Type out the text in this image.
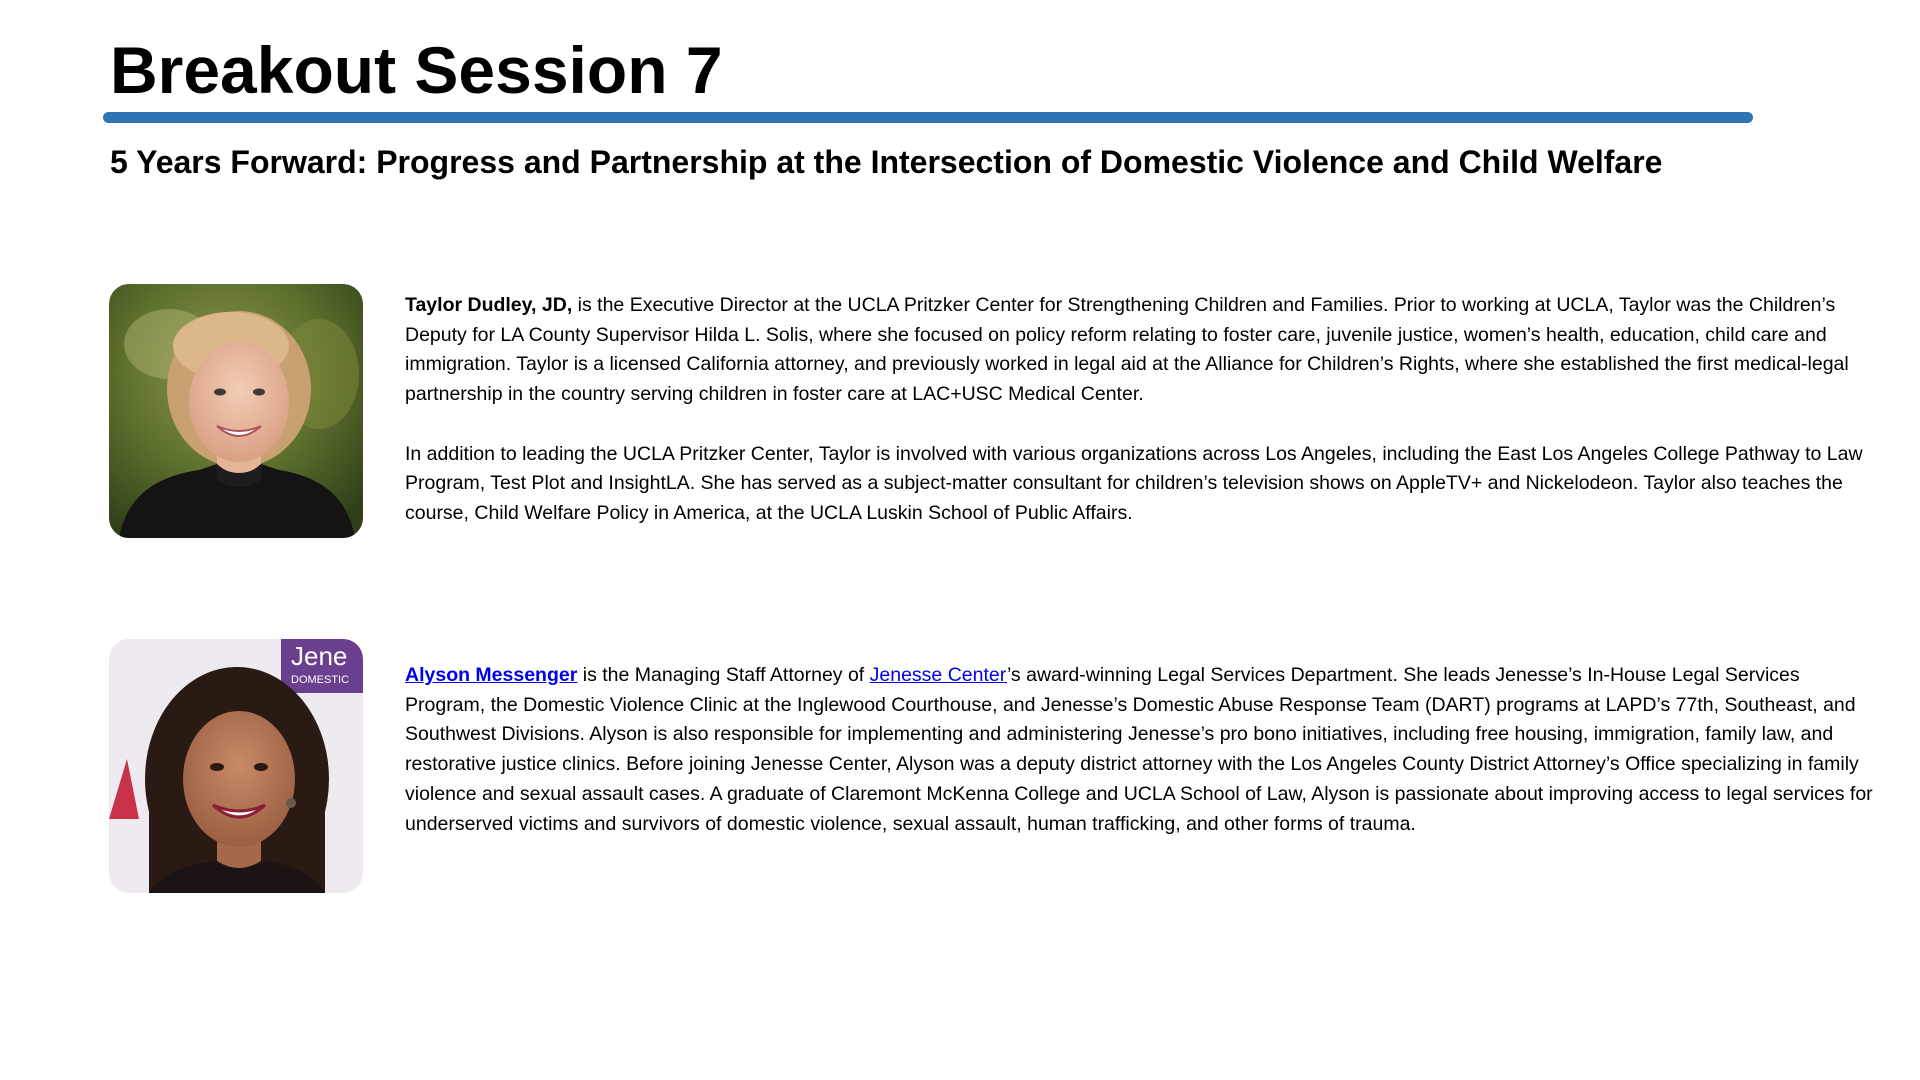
Breakout Session 7
5 Years Forward: Progress and Partnership at the Intersection of Domestic Violence and Child Welfare

Taylor Dudley, JD, is the Executive Director at the UCLA Pritzker Center for Strengthening Children and Families. Prior to working at UCLA, Taylor was the Children’s Deputy for LA County Supervisor Hilda L. Solis, where she focused on policy reform relating to foster care, juvenile justice, women’s health, education, child care and immigration. Taylor is a licensed California attorney, and previously worked in legal aid at the Alliance for Children’s Rights, where she established the first medical-legal partnership in the country serving children in foster care at LAC+USC Medical Center.

In addition to leading the UCLA Pritzker Center, Taylor is involved with various organizations across Los Angeles, including the East Los Angeles College Pathway to Law Program, Test Plot and InsightLA. She has served as a subject-matter consultant for children’s television shows on AppleTV+ and Nickelodeon. Taylor also teaches the course, Child Welfare Policy in America, at the UCLA Luskin School of Public Affairs.

Jene
DOMESTIC	Alyson Messenger is the Managing Staff Attorney of Jenesse Center’s award-winning Legal Services Department. She leads Jenesse’s In-House Legal Services Program, the Domestic Violence Clinic at the Inglewood Courthouse, and Jenesse’s Domestic Abuse Response Team (DART) programs at LAPD’s 77th, Southeast, and Southwest Divisions. Alyson is also responsible for implementing and administering Jenesse’s pro bono initiatives, including free housing, immigration, family law, and restorative justice clinics. Before joining Jenesse Center, Alyson was a deputy district attorney with the Los Angeles County District Attorney’s Office specializing in family violence and sexual assault cases. A graduate of Claremont McKenna College and UCLA School of Law, Alyson is passionate about improving access to legal services for underserved victims and survivors of domestic violence, sexual assault, human trafficking, and other forms of trauma.
